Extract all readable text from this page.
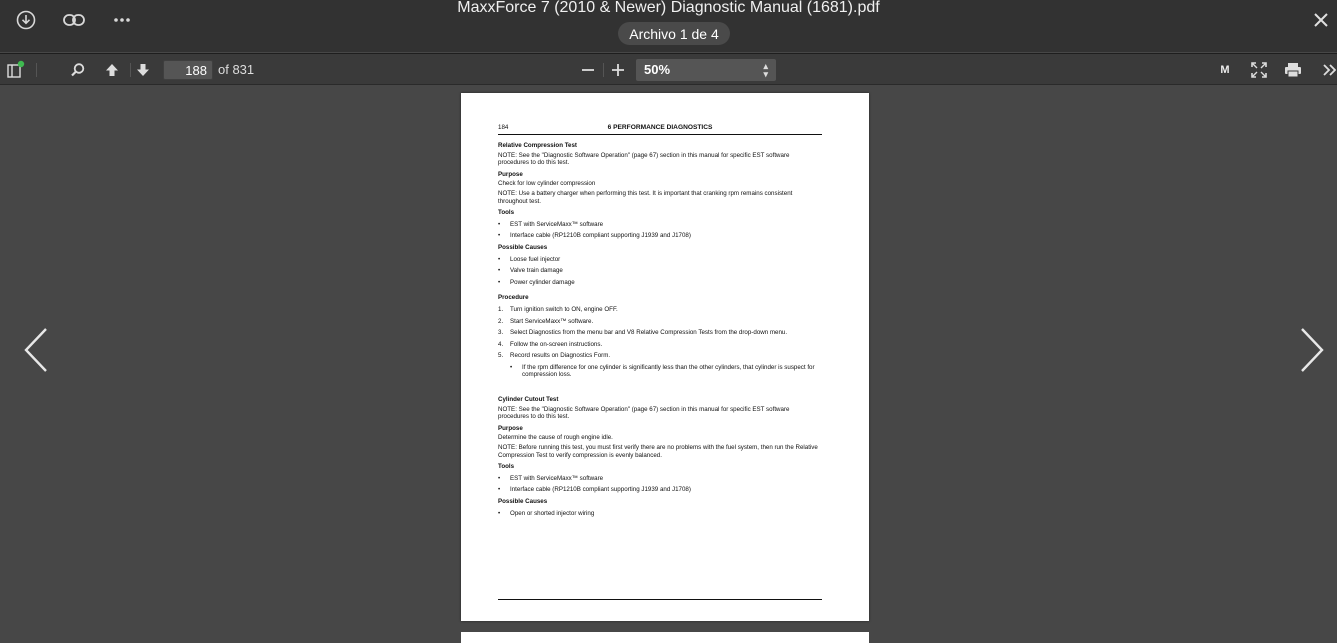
MaxxForce 7 (2010 & Newer) Diagnostic Manual (1681).pdf
Archivo 1 de 4
188
of 831	50%	▴
▾	M
184	6 PERFORMANCE DIAGNOSTICS
Relative Compression Test

NOTE: See the "Diagnostic Software Operation" (page 67) section in this manual for specific EST software procedures to do this test.

Purpose

Check for low cylinder compression

NOTE: Use a battery charger when performing this test. It is important that cranking rpm remains consistent throughout test.

Tools
• EST with ServiceMaxx™ software
• Interface cable (RP1210B compliant supporting J1939 and J1708)
Possible Causes
• Loose fuel injector
• Valve train damage
• Power cylinder damage
Procedure
1. Turn ignition switch to ON, engine OFF.
2. Start ServiceMaxx™ software.
3. Select Diagnostics from the menu bar and V8 Relative Compression Tests from the drop-down menu.
4. Follow the on-screen instructions.
5. Record results on Diagnostics Form.
• If the rpm difference for one cylinder is significantly less than the other cylinders, that cylinder is suspect for compression loss.
Cylinder Cutout Test

NOTE: See the "Diagnostic Software Operation" (page 67) section in this manual for specific EST software procedures to do this test.

Purpose

Determine the cause of rough engine idle.

NOTE: Before running this test, you must first verify there are no problems with the fuel system, then run the Relative Compression Test to verify compression is evenly balanced.

Tools
• EST with ServiceMaxx™ software
• Interface cable (RP1210B compliant supporting J1939 and J1708)
Possible Causes
• Open or shorted injector wiring
